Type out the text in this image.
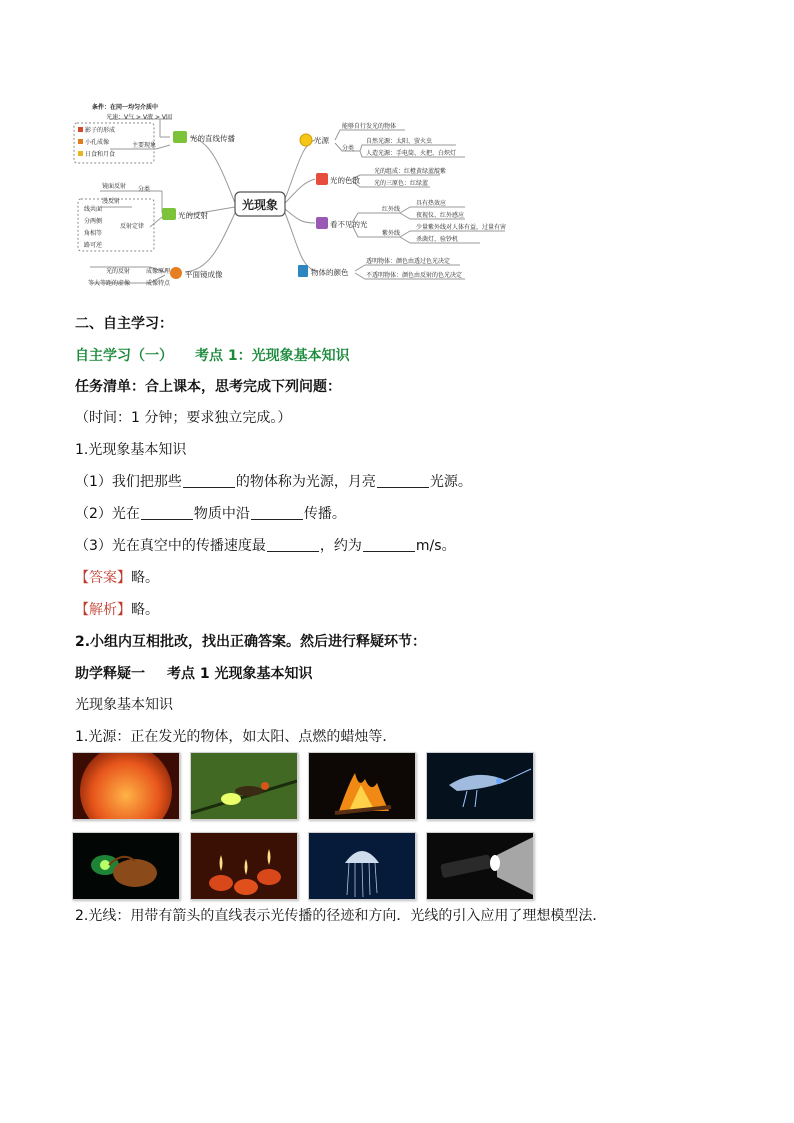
光现象
光的直线传播
条件：在同一均匀介质中
光速：V气 > V液 > V固
主要现象
影子的形成
小孔成像
日食和月食
光的反射
分类
镜面反射
漫反射
反射定律
线共面
分两侧
角相等
路可逆
平面镜成像
成像原理
光的反射
成像特点
等大等距的虚像
光源
能够自行发光的物体
分类
自然光源：太阳、萤火虫
人造光源：手电筒、火把、白炽灯
光的色散
光的组成：红橙黄绿蓝靛紫
光的三原色：红绿蓝
看不见的光
红外线
具有热效应
夜视仪、红外感应
紫外线
少量紫外线对人体有益，过量有害
杀菌灯、验钞机
物体的颜色
透明物体：颜色由透过色光决定
不透明物体：颜色由反射的色光决定
二、自主学习：
自主学习（一） 考点 1：光现象基本知识
任务清单：合上课本，思考完成下列问题：
（时间：1 分钟；要求独立完成。）
1.光现象基本知识
（1）我们把那些	的物体称为光源，月亮	光源。
（2）光在	物质中沿	传播。
（3）光在真空中的传播速度最	，约为	m/s。
【答案】略。
【解析】略。
2.小组内互相批改，找出正确答案。然后进行释疑环节：
助学释疑一 考点 1 光现象基本知识
光现象基本知识
1.光源：正在发光的物体，如太阳、点燃的蜡烛等．
2.光线：用带有箭头的直线表示光传播的径迹和方向．光线的引入应用了理想模型法．
